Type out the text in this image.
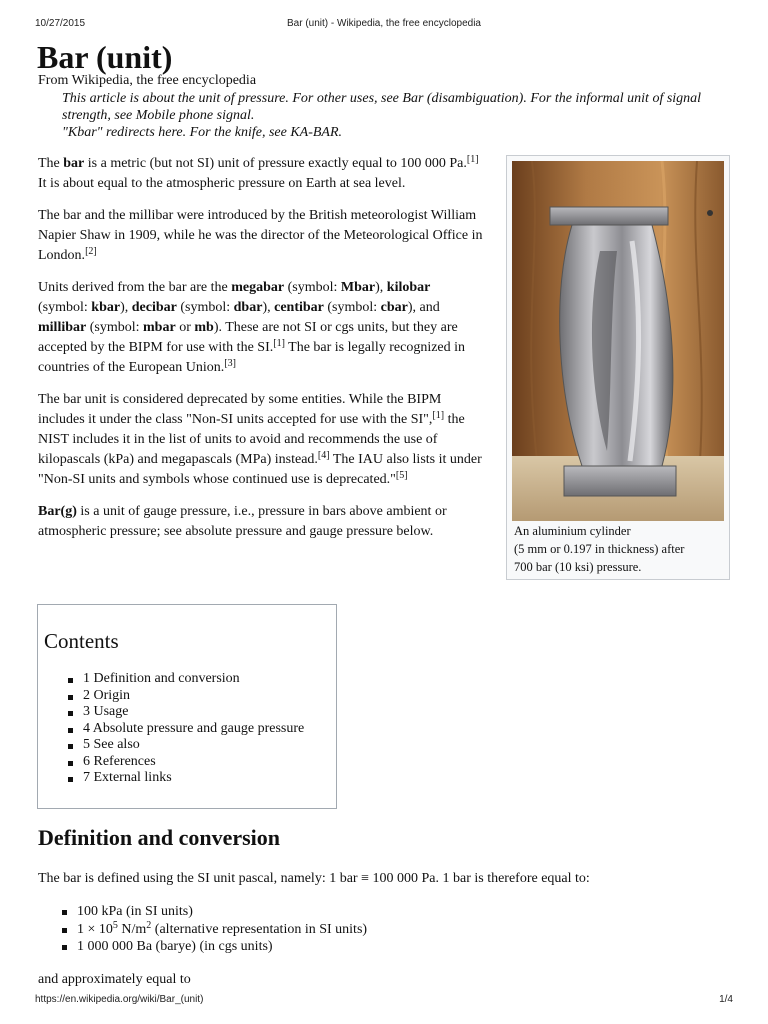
10/27/2015	Bar (unit) - Wikipedia, the free encyclopedia
Bar (unit)
From Wikipedia, the free encyclopedia
This article is about the unit of pressure. For other uses, see Bar (disambiguation). For the informal unit of signal strength, see Mobile phone signal.
"Kbar" redirects here. For the knife, see KA-BAR.

The bar is a metric (but not SI) unit of pressure exactly equal to 100 000 Pa.[1] It is about equal to the atmospheric pressure on Earth at sea level.

The bar and the millibar were introduced by the British meteorologist William Napier Shaw in 1909, while he was the director of the Meteorological Office in London.[2]

Units derived from the bar are the megabar (symbol: Mbar), kilobar (symbol: kbar), decibar (symbol: dbar), centibar (symbol: cbar), and millibar (symbol: mbar or mb). These are not SI or cgs units, but they are accepted by the BIPM for use with the SI.[1] The bar is legally recognized in countries of the European Union.[3]

The bar unit is considered deprecated by some entities. While the BIPM includes it under the class "Non-SI units accepted for use with the SI",[1] the NIST includes it in the list of units to avoid and recommends the use of kilopascals (kPa) and megapascals (MPa) instead.[4] The IAU also lists it under "Non-SI units and symbols whose continued use is deprecated."[5]

Bar(g) is a unit of gauge pressure, i.e., pressure in bars above ambient or atmospheric pressure; see absolute pressure and gauge pressure below.	An aluminium cylinder
(5 mm or 0.197 in thickness) after
700 bar (10 ksi) pressure.
Contents
1 Definition and conversion
2 Origin
3 Usage
4 Absolute pressure and gauge pressure
5 See also
6 References
7 External links
Definition and conversion
The bar is defined using the SI unit pascal, namely: 1 bar ≡ 100 000 Pa. 1 bar is therefore equal to:
100 kPa (in SI units)
$1 \times 10^5$ $N/m^2$ (alternative representation in SI units)
1 000 000 Ba (barye) (in cgs units)
and approximately equal to
https://en.wikipedia.org/wiki/Bar_(unit)	1/4
